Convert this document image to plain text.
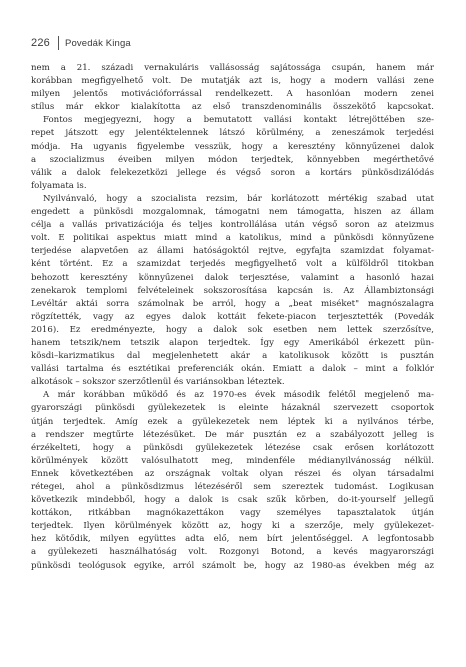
226 Povedák Kinga
nem a 21. századi vernakuláris vallásosság sajátossága csupán, hanem már
korábban megfigyelhető volt. De mutatják azt is, hogy a modern vallási zene
milyen jelentős motivációforrással rendelkezett. A hasonlóan modern zenei
stílus már ekkor kialakította az első transzdenominális összekötő kapcsokat.
Fontos megjegyezni, hogy a bemutatott vallási kontakt létrejöttében sze-
repet játszott egy jelentéktelennek látszó körülmény, a zeneszámok terjedési
módja. Ha ugyanis figyelembe vesszük, hogy a keresztény könnyűzenei dalok
a szocializmus éveiben milyen módon terjedtek, könnyebben megérthetővé
válik a dalok felekezetközi jellege és végső soron a kortárs pünkösdizálódás
folyamata is.
Nyilvánvaló, hogy a szocialista rezsim, bár korlátozott mértékig szabad utat
engedett a pünkösdi mozgalomnak, támogatni nem támogatta, hiszen az állam
célja a vallás privatizációja és teljes kontrollálása után végső soron az ateizmus
volt. E politikai aspektus miatt mind a katolikus, mind a pünkösdi könnyűzene
terjedése alapvetően az állami hatóságoktól rejtve, egyfajta szamizdat folyamat-
ként történt. Ez a szamizdat terjedés megfigyelhető volt a külföldről titokban
behozott keresztény könnyűzenei dalok terjesztése, valamint a hasonló hazai
zenekarok templomi felvételeinek sokszorosítása kapcsán is. Az Állambiztonsági
Levéltár aktái sorra számolnak be arról, hogy a „beat miséket" magnószalagra
rögzítették, vagy az egyes dalok kottáit fekete-piacon terjesztették (Povedák
2016). Ez eredményezte, hogy a dalok sok esetben nem lettek szerzősítve,
hanem tetszik/nem tetszik alapon terjedtek. Így egy Amerikából érkezett pün-
kösdi–karizmatikus dal megjelenhetett akár a katolikusok között is pusztán
vallási tartalma és esztétikai preferenciák okán. Emiatt a dalok – mint a folklór
alkotások – sokszor szerzőtlenül és variánsokban léteztek.
A már korábban működő és az 1970-es évek második felétől megjelenő ma-
gyarországi pünkösdi gyülekezetek is eleinte házaknál szervezett csoportok
útján terjedtek. Amíg ezek a gyülekezetek nem léptek ki a nyilvános térbe,
a rendszer megtűrte létezésüket. De már pusztán ez a szabályozott jelleg is
érzékelteti, hogy a pünkösdi gyülekezetek létezése csak erősen korlátozott
körülmények között valósulhatott meg, mindenféle médianyilvánosság nélkül.
Ennek következtében az országnak voltak olyan részei és olyan társadalmi
rétegei, ahol a pünkösdizmus létezéséről sem szereztek tudomást. Logikusan
következik mindebből, hogy a dalok is csak szűk körben, do-it-yourself jellegű
kottákon, ritkábban magnókazettákon vagy személyes tapasztalatok útján
terjedtek. Ilyen körülmények között az, hogy ki a szerzője, mely gyülekezet-
hez kötődik, milyen együttes adta elő, nem bírt jelentőséggel. A legfontosabb
a gyülekezeti használhatóság volt. Rozgonyi Botond, a kevés magyarországi
pünkösdi teológusok egyike, arról számolt be, hogy az 1980-as években még az
